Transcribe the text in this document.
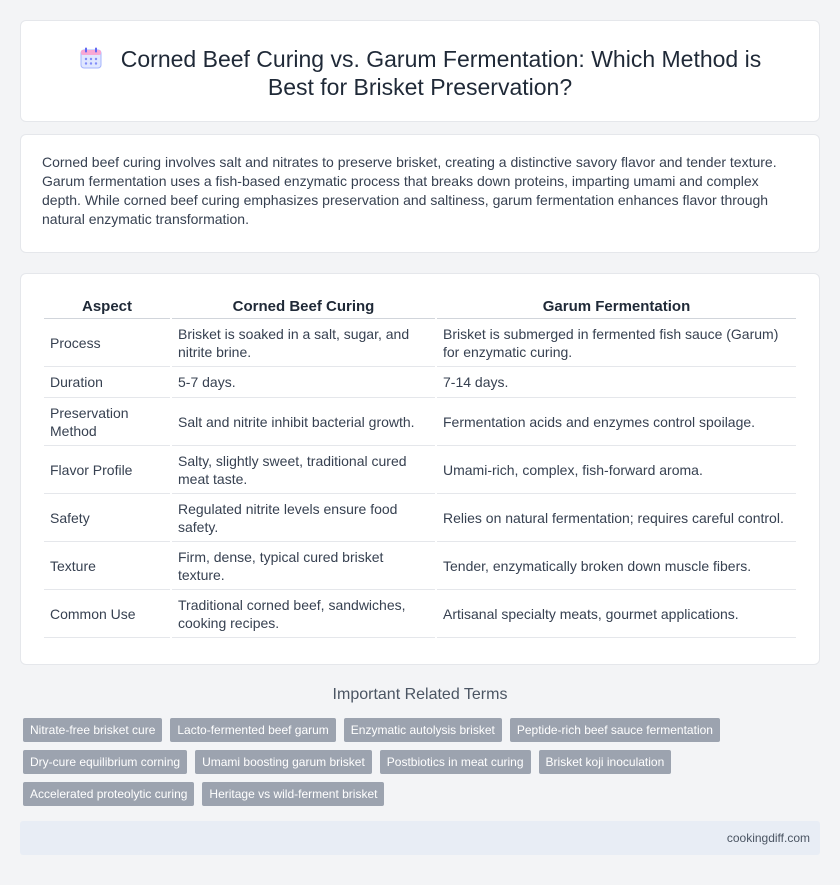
Corned Beef Curing vs. Garum Fermentation: Which Method is Best for Brisket Preservation?

Corned beef curing involves salt and nitrates to preserve brisket, creating a distinctive savory flavor and tender texture. Garum fermentation uses a fish-based enzymatic process that breaks down proteins, imparting umami and complex depth. While corned beef curing emphasizes preservation and saltiness, garum fermentation enhances flavor through natural enzymatic transformation.

Aspect	Corned Beef Curing	Garum Fermentation
Process	Brisket is soaked in a salt, sugar, and nitrite brine.	Brisket is submerged in fermented fish sauce (Garum) for enzymatic curing.
Duration	5-7 days.	7-14 days.
Preservation Method	Salt and nitrite inhibit bacterial growth.	Fermentation acids and enzymes control spoilage.
Flavor Profile	Salty, slightly sweet, traditional cured meat taste.	Umami-rich, complex, fish-forward aroma.
Safety	Regulated nitrite levels ensure food safety.	Relies on natural fermentation; requires careful control.
Texture	Firm, dense, typical cured brisket texture.	Tender, enzymatically broken down muscle fibers.
Common Use	Traditional corned beef, sandwiches, cooking recipes.	Artisanal specialty meats, gourmet applications.
Important Related Terms
Nitrate-free brisket cure	Lacto-fermented beef garum	Enzymatic autolysis brisket	Peptide-rich beef sauce fermentation
Dry-cure equilibrium corning	Umami boosting garum brisket	Postbiotics in meat curing	Brisket koji inoculation
Accelerated proteolytic curing	Heritage vs wild-ferment brisket
cookingdiff.com
